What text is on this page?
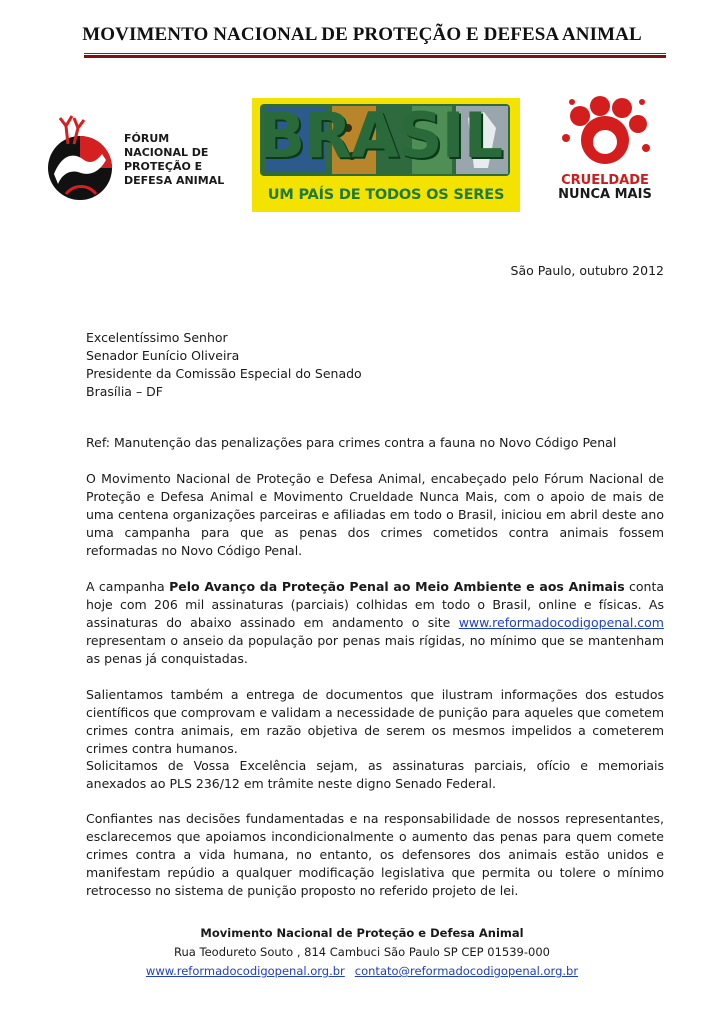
MOVIMENTO NACIONAL DE PROTEÇÃO E DEFESA ANIMAL
FÓRUM
NACIONAL DE
PROTEÇÃO E
DEFESA ANIMAL
BRASIL
UM PAÍS DE TODOS OS SERES
CRUELDADE
NUNCA MAIS
São Paulo, outubro 2012
Excelentíssimo Senhor
Senador Eunício Oliveira
Presidente da Comissão Especial do Senado
Brasília – DF
Ref: Manutenção das penalizações para crimes contra a fauna no Novo Código Penal
O Movimento Nacional de Proteção e Defesa Animal, encabeçado pelo Fórum Nacional de Proteção e Defesa Animal e Movimento Crueldade Nunca Mais, com o apoio de mais de uma centena organizações parceiras e afiliadas em todo o Brasil, iniciou em abril deste ano uma campanha para que as penas dos crimes cometidos contra animais fossem reformadas no Novo Código Penal.
A campanha Pelo Avanço da Proteção Penal ao Meio Ambiente e aos Animais conta hoje com 206 mil assinaturas (parciais) colhidas em todo o Brasil, online e físicas. As assinaturas do abaixo assinado em andamento o site www.reformadocodigopenal.com representam o anseio da população por penas mais rígidas, no mínimo que se mantenham as penas já conquistadas.
Salientamos também a entrega de documentos que ilustram informações dos estudos científicos que comprovam e validam a necessidade de punição para aqueles que cometem crimes contra animais, em razão objetiva de serem os mesmos impelidos a cometerem crimes contra humanos.
Solicitamos de Vossa Excelência sejam, as assinaturas parciais, ofício e memoriais anexados ao PLS 236/12 em trâmite neste digno Senado Federal.
Confiantes nas decisões fundamentadas e na responsabilidade de nossos representantes, esclarecemos que apoiamos incondicionalmente o aumento das penas para quem comete crimes contra a vida humana, no entanto, os defensores dos animais estão unidos e manifestam repúdio a qualquer modificação legislativa que permita ou tolere o mínimo retrocesso no sistema de punição proposto no referido projeto de lei.
Movimento Nacional de Proteção e Defesa Animal
Rua Teodureto Souto , 814 Cambuci São Paulo SP CEP 01539-000
www.reformadocodigopenal.org.br contato@reformadocodigopenal.org.br
